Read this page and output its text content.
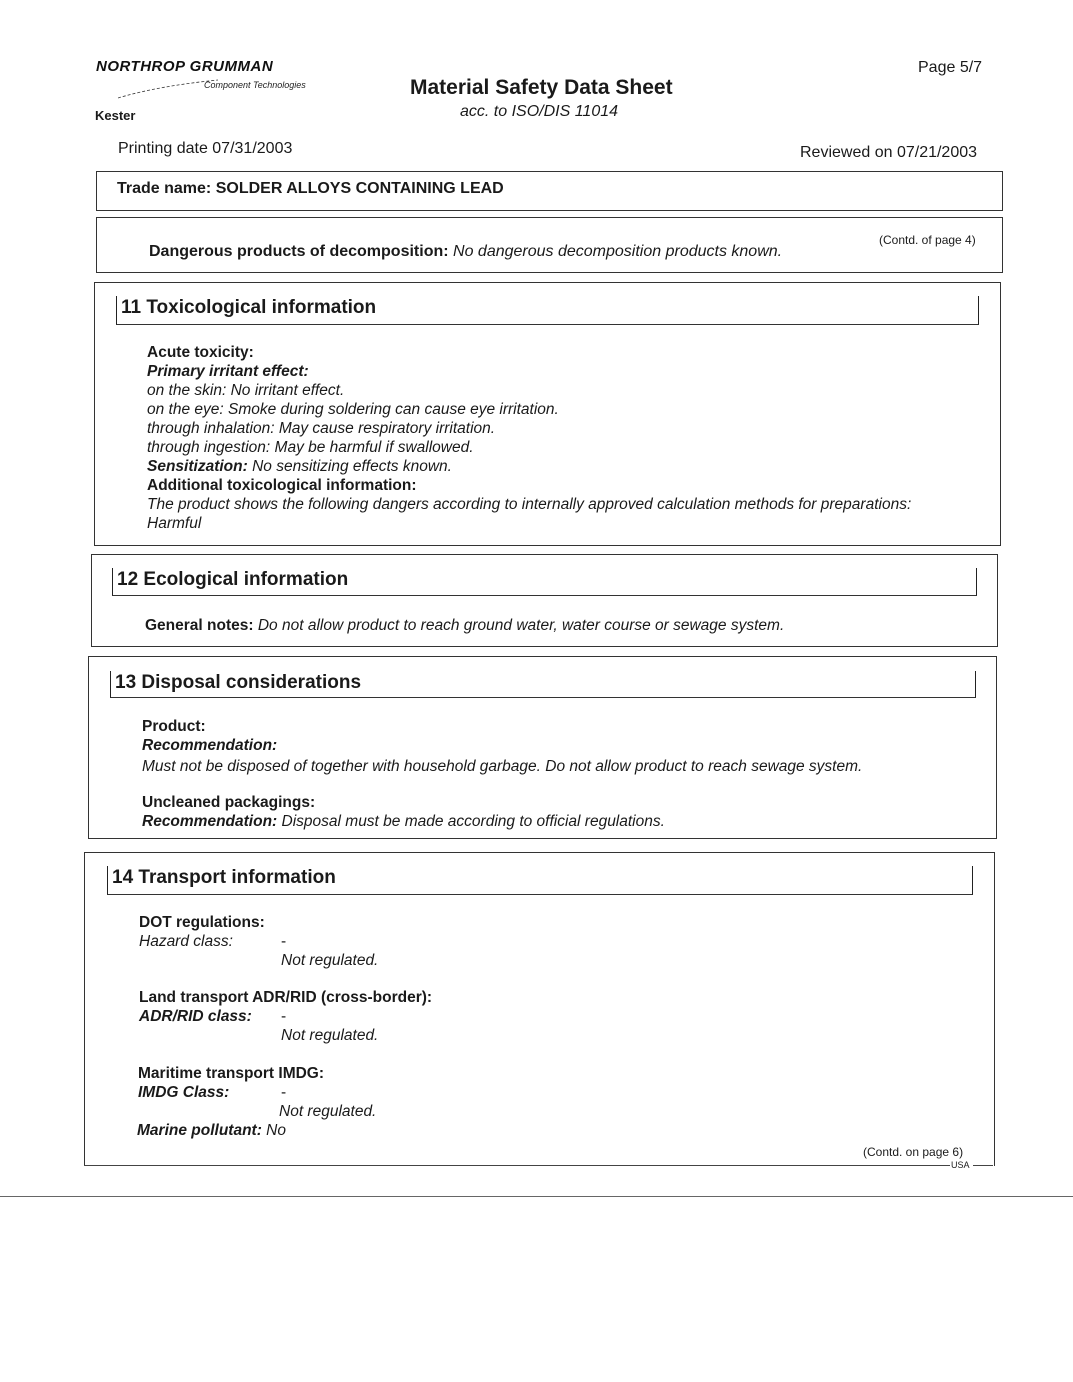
NORTHROP GRUMMAN
Component Technologies
Kester
Material Safety Data Sheet
acc. to ISO/DIS 11014
Page 5/7
Printing date 07/31/2003	Reviewed on 07/21/2003
Trade name: SOLDER ALLOYS CONTAINING LEAD
(Contd. of page 4)
Dangerous products of decomposition: No dangerous decomposition products known.
11 Toxicological information
Acute toxicity:
Primary irritant effect:
on the skin: No irritant effect.
on the eye: Smoke during soldering can cause eye irritation.
through inhalation: May cause respiratory irritation.
through ingestion: May be harmful if swallowed.
Sensitization: No sensitizing effects known.
Additional toxicological information:
The product shows the following dangers according to internally approved calculation methods for preparations:
Harmful
12 Ecological information
General notes: Do not allow product to reach ground water, water course or sewage system.
13 Disposal considerations
Product:
Recommendation:
Must not be disposed of together with household garbage. Do not allow product to reach sewage system.
Uncleaned packagings:
Recommendation: Disposal must be made according to official regulations.
14 Transport information
DOT regulations:
Hazard class:	-
Not regulated.
Land transport ADR/RID (cross-border):
ADR/RID class: -
Not regulated.
Maritime transport IMDG:
IMDG Class:	-
Not regulated.
Marine pollutant: No
(Contd. on page 6)
USA
